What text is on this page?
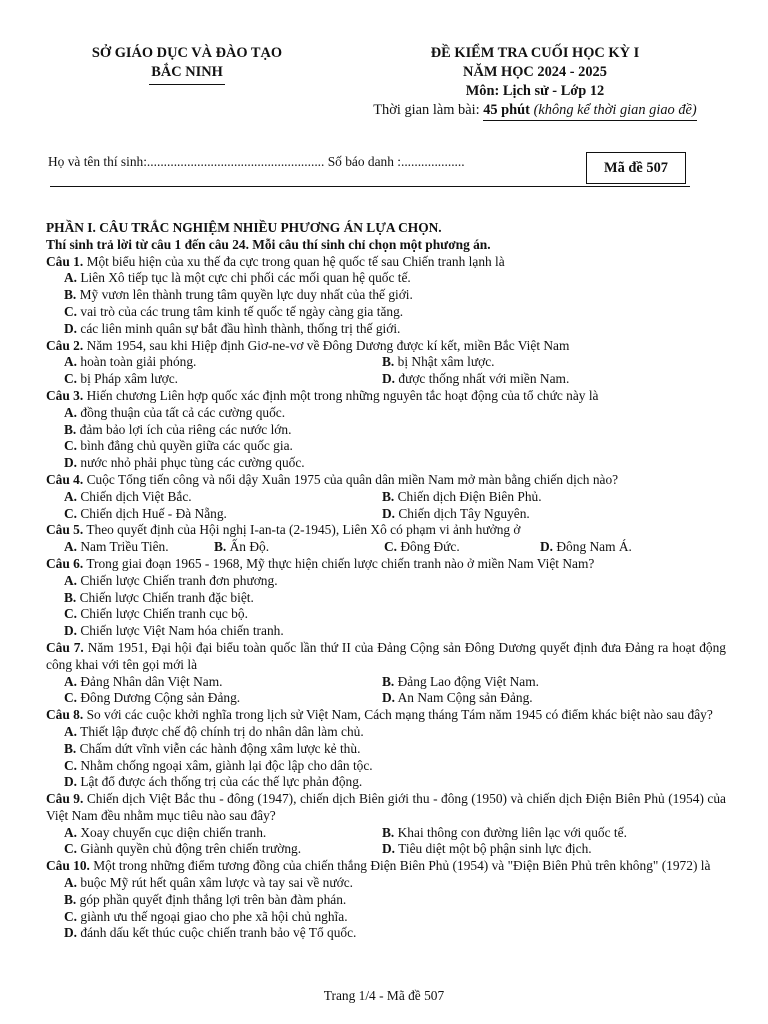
SỞ GIÁO DỤC VÀ ĐÀO TẠO
BẮC NINH
ĐỀ KIỂM TRA CUỐI HỌC KỲ I
NĂM HỌC 2024 - 2025
Môn: Lịch sử - Lớp 12
Thời gian làm bài: 45 phút (không kể thời gian giao đề)
Họ và tên thí sinh:..................................................... Số báo danh :...................	Mã đề 507
PHẦN I. CÂU TRẮC NGHIỆM NHIỀU PHƯƠNG ÁN LỰA CHỌN.
Thí sinh trả lời từ câu 1 đến câu 24. Mỗi câu thí sinh chỉ chọn một phương án.
Câu 1. Một biểu hiện của xu thế đa cực trong quan hệ quốc tế sau Chiến tranh lạnh là
A. Liên Xô tiếp tục là một cực chi phối các mối quan hệ quốc tế.
B. Mỹ vươn lên thành trung tâm quyền lực duy nhất của thế giới.
C. vai trò của các trung tâm kinh tế quốc tế ngày càng gia tăng.
D. các liên minh quân sự bắt đầu hình thành, thống trị thế giới.
Câu 2. Năm 1954, sau khi Hiệp định Giơ-ne-vơ về Đông Dương được kí kết, miền Bắc Việt Nam
A. hoàn toàn giải phóng.	B. bị Nhật xâm lược.
C. bị Pháp xâm lược.	D. được thống nhất với miền Nam.
Câu 3. Hiến chương Liên hợp quốc xác định một trong những nguyên tắc hoạt động của tổ chức này là
A. đồng thuận của tất cả các cường quốc.
B. đảm bảo lợi ích của riêng các nước lớn.
C. bình đẳng chủ quyền giữa các quốc gia.
D. nước nhỏ phải phục tùng các cường quốc.
Câu 4. Cuộc Tổng tiến công và nổi dậy Xuân 1975 của quân dân miền Nam mở màn bằng chiến dịch nào?
A. Chiến dịch Việt Bắc.	B. Chiến dịch Điện Biên Phủ.
C. Chiến dịch Huế - Đà Nẵng.	D. Chiến dịch Tây Nguyên.
Câu 5. Theo quyết định của Hội nghị I-an-ta (2-1945), Liên Xô có phạm vi ảnh hưởng ở
A. Nam Triều Tiên.	B. Ấn Độ.	C. Đông Đức.	D. Đông Nam Á.
Câu 6. Trong giai đoạn 1965 - 1968, Mỹ thực hiện chiến lược chiến tranh nào ở miền Nam Việt Nam?
A. Chiến lược Chiến tranh đơn phương.
B. Chiến lược Chiến tranh đặc biệt.
C. Chiến lược Chiến tranh cục bộ.
D. Chiến lược Việt Nam hóa chiến tranh.
Câu 7. Năm 1951, Đại hội đại biểu toàn quốc lần thứ II của Đảng Cộng sản Đông Dương quyết định đưa Đảng ra hoạt động công khai với tên gọi mới là
A. Đảng Nhân dân Việt Nam.	B. Đảng Lao động Việt Nam.
C. Đông Dương Cộng sản Đảng.	D. An Nam Cộng sản Đảng.
Câu 8. So với các cuộc khởi nghĩa trong lịch sử Việt Nam, Cách mạng tháng Tám năm 1945 có điểm khác biệt nào sau đây?
A. Thiết lập được chế độ chính trị do nhân dân làm chủ.
B. Chấm dứt vĩnh viễn các hành động xâm lược kẻ thù.
C. Nhằm chống ngoại xâm, giành lại độc lập cho dân tộc.
D. Lật đổ được ách thống trị của các thế lực phản động.
Câu 9. Chiến dịch Việt Bắc thu - đông (1947), chiến dịch Biên giới thu - đông (1950) và chiến dịch Điện Biên Phủ (1954) của Việt Nam đều nhằm mục tiêu nào sau đây?
A. Xoay chuyển cục diện chiến tranh.	B. Khai thông con đường liên lạc với quốc tế.
C. Giành quyền chủ động trên chiến trường.	D. Tiêu diệt một bộ phận sinh lực địch.
Câu 10. Một trong những điểm tương đồng của chiến thắng Điện Biên Phủ (1954) và "Điện Biên Phủ trên không" (1972) là
A. buộc Mỹ rút hết quân xâm lược và tay sai về nước.
B. góp phần quyết định thắng lợi trên bàn đàm phán.
C. giành ưu thế ngoại giao cho phe xã hội chủ nghĩa.
D. đánh dấu kết thúc cuộc chiến tranh bảo vệ Tổ quốc.
Trang 1/4 - Mã đề 507
